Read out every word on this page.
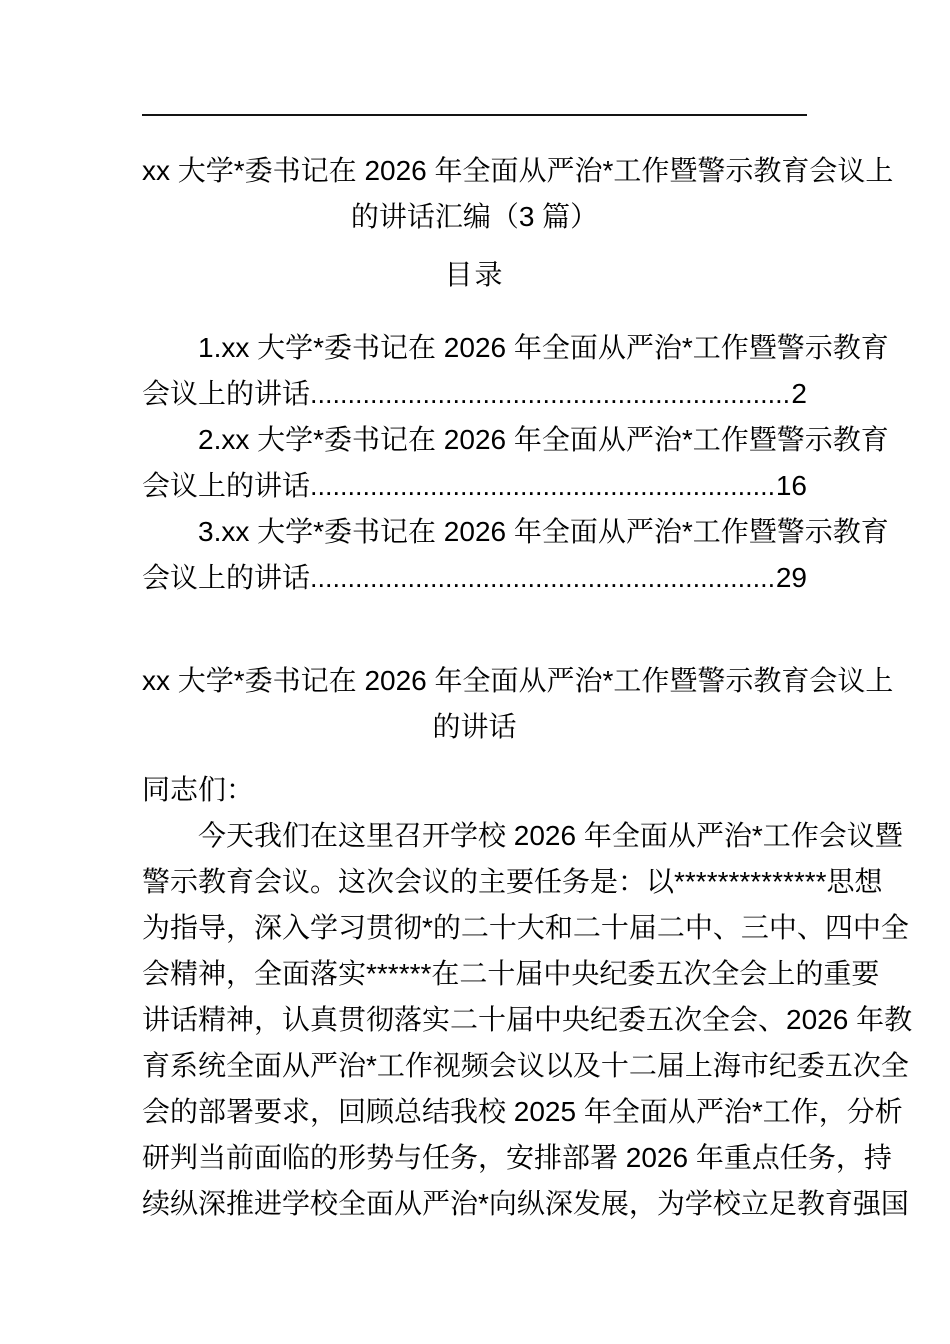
xx 大学*委书记在 2026 年全面从严治*工作暨警示教育会议上
的讲话汇编（3 篇）
目录
1.xx 大学*委书记在 2026 年全面从严治*工作暨警示教育
会议上的讲话 .....	2
2.xx 大学*委书记在 2026 年全面从严治*工作暨警示教育
会议上的讲话 .....	16
3.xx 大学*委书记在 2026 年全面从严治*工作暨警示教育
会议上的讲话 .....	29
xx 大学*委书记在 2026 年全面从严治*工作暨警示教育会议上
的讲话
同志们：
今天我们在这里召开学校 2026 年全面从严治*工作会议暨
警示教育会议。这次会议的主要任务是：以**************思想
为指导，深入学习贯彻*的二十大和二十届二中、三中、四中全
会精神，全面落实******在二十届中央纪委五次全会上的重要
讲话精神，认真贯彻落实二十届中央纪委五次全会、2026 年教
育系统全面从严治*工作视频会议以及十二届上海市纪委五次全
会的部署要求，回顾总结我校 2025 年全面从严治*工作，分析
研判当前面临的形势与任务，安排部署 2026 年重点任务，持
续纵深推进学校全面从严治*向纵深发展，为学校立足教育强国
